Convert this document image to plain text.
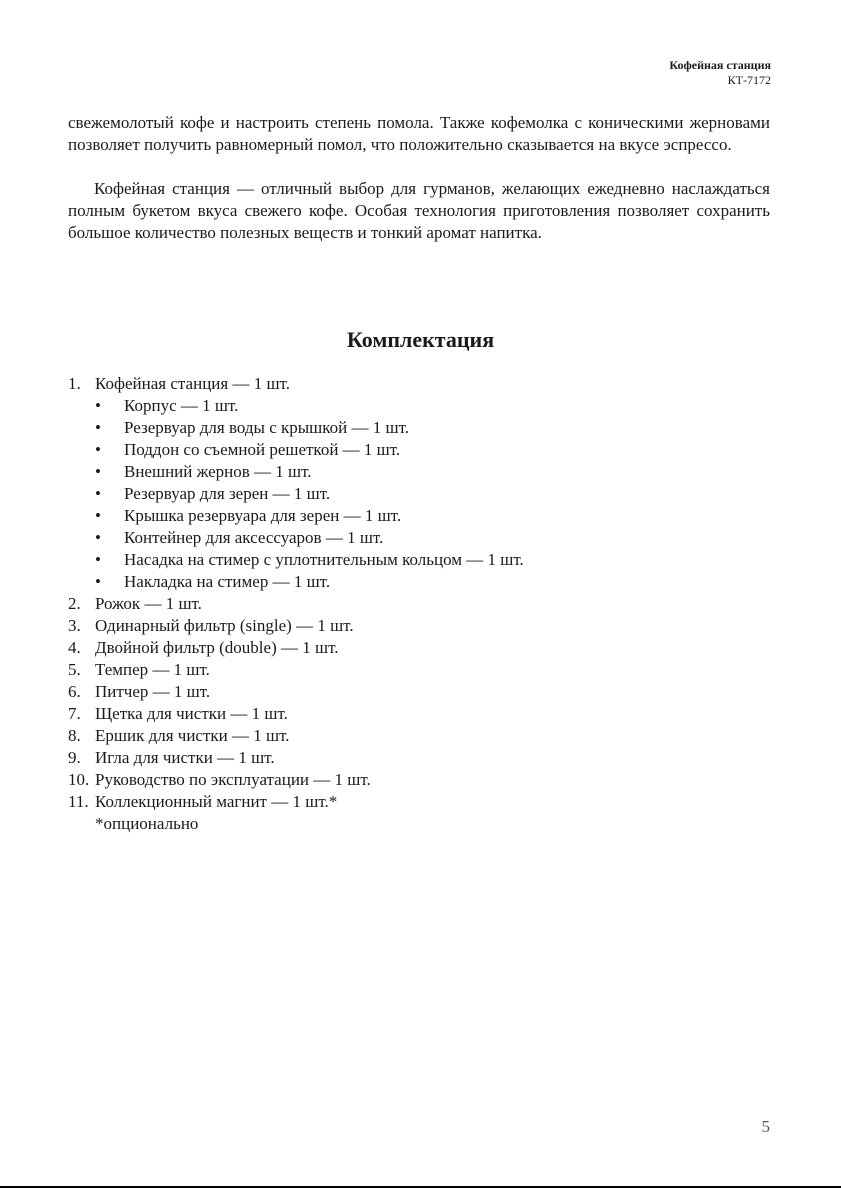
Кофейная станция
КТ-7172
свежемолотый кофе и настроить степень помола. Также кофемолка с коническими жерновами позволяет получить равномерный помол, что положительно сказывается на вкусе эспрессо.
Кофейная станция — отличный выбор для гурманов, желающих ежедневно наслаждаться полным букетом вкуса свежего кофе. Особая технология приготовления позволяет сохранить большое количество полезных веществ и тонкий аромат напитка.
Комплектация
1. Кофейная станция — 1 шт.
• Корпус — 1 шт.
• Резервуар для воды с крышкой — 1 шт.
• Поддон со съемной решеткой — 1 шт.
• Внешний жернов — 1 шт.
• Резервуар для зерен — 1 шт.
• Крышка резервуара для зерен — 1 шт.
• Контейнер для аксессуаров — 1 шт.
• Насадка на стимер с уплотнительным кольцом — 1 шт.
• Накладка на стимер — 1 шт.
2. Рожок — 1 шт.
3. Одинарный фильтр (single) — 1 шт.
4. Двойной фильтр (double) — 1 шт.
5. Темпер — 1 шт.
6. Питчер — 1 шт.
7. Щетка для чистки — 1 шт.
8. Ершик для чистки — 1 шт.
9. Игла для чистки — 1 шт.
10. Руководство по эксплуатации — 1 шт.
11. Коллекционный магнит — 1 шт.*
*опционально
5
